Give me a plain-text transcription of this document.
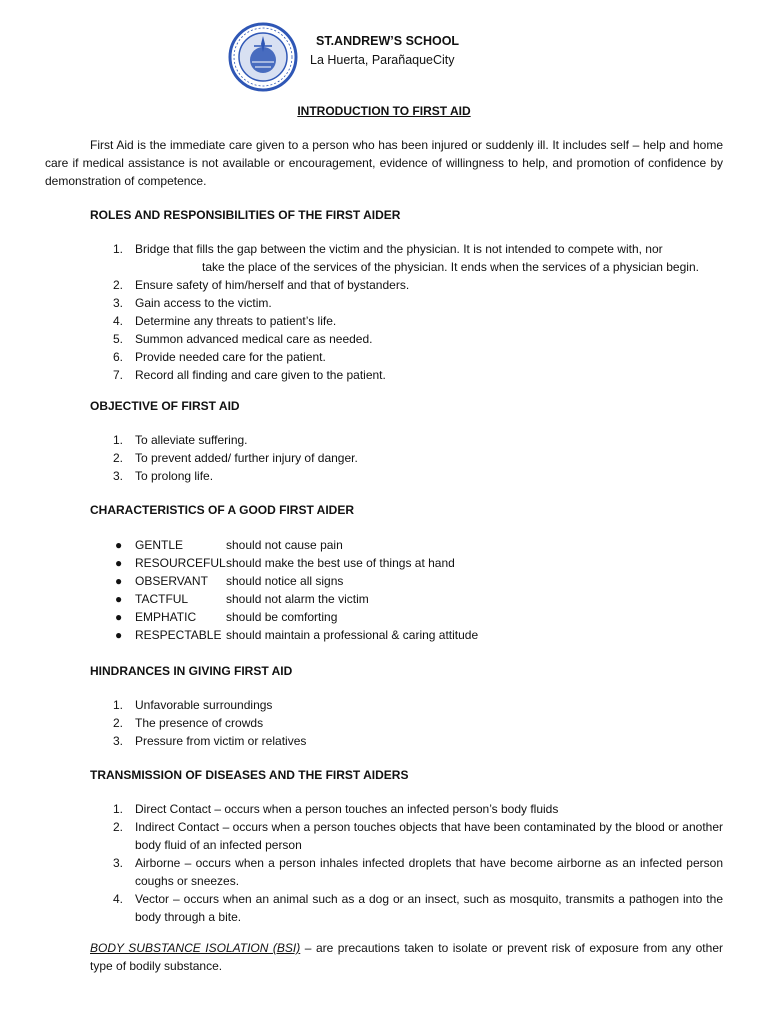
ST.ANDREW’S SCHOOL
La Huerta, ParañaqueCity
INTRODUCTION TO FIRST AID
First Aid is the immediate care given to a person who has been injured or suddenly ill. It includes self – help and home care if medical assistance is not available or encouragement, evidence of willingness to help, and promotion of confidence by demonstration of competence.
ROLES AND RESPONSIBILITIES OF THE FIRST AIDER
1. Bridge that fills the gap between the victim and the physician. It is not intended to compete with, nor
take the place of the services of the physician. It ends when the services of a physician begin.
2. Ensure safety of him/herself and that of bystanders.
3. Gain access to the victim.
4. Determine any threats to patient’s life.
5. Summon advanced medical care as needed.
6. Provide needed care for the patient.
7. Record all finding and care given to the patient.
OBJECTIVE OF FIRST AID
1. To alleviate suffering.
2. To prevent added/ further injury of danger.
3. To prolong life.
CHARACTERISTICS OF A GOOD FIRST AIDER
● GENTLE	should not cause pain
● RESOURCEFUL should make the best use of things at hand
● OBSERVANT should notice all signs
● TACTFUL	should not alarm the victim
● EMPHATIC should be comforting
● RESPECTABLE should maintain a professional & caring attitude
HINDRANCES IN GIVING FIRST AID
1. Unfavorable surroundings
2. The presence of crowds
3. Pressure from victim or relatives
TRANSMISSION OF DISEASES AND THE FIRST AIDERS
1. Direct Contact – occurs when a person touches an infected person’s body fluids
2. Indirect Contact – occurs when a person touches objects that have been contaminated by the blood or another body fluid of an infected person
3. Airborne – occurs when a person inhales infected droplets that have become airborne as an infected person coughs or sneezes.
4. Vector – occurs when an animal such as a dog or an insect, such as mosquito, transmits a pathogen into the body through a bite.
BODY SUBSTANCE ISOLATION (BSI) – are precautions taken to isolate or prevent risk of exposure from any other type of bodily substance.
